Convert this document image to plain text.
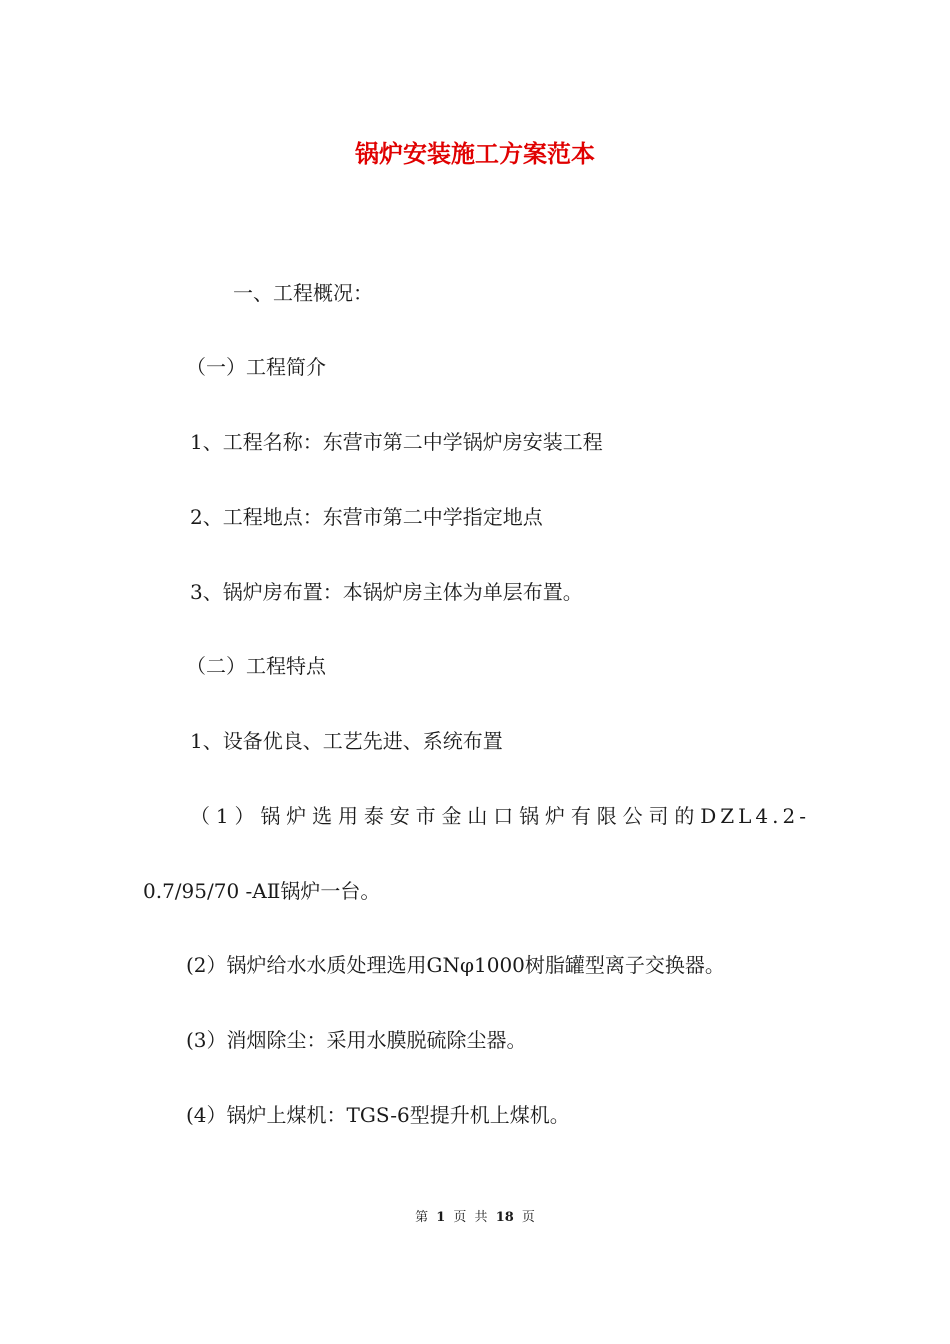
锅炉安装施工方案范本

一、工程概况：

（一）工程简介

1、工程名称：东营市第二中学锅炉房安装工程

2、工程地点：东营市第二中学指定地点

3、锅炉房布置：本锅炉房主体为单层布置。

（二）工程特点

1、设备优良、工艺先进、系统布置

（1）锅炉选用泰安市金山口锅炉有限公司的DZL4.2-

0.7/95/70 -AⅡ锅炉一台。

(2）锅炉给水水质处理选用GNφ1000树脂罐型离子交换器。

(3）消烟除尘：采用水膜脱硫除尘器。

(4）锅炉上煤机：TGS-6型提升机上煤机。

第 1 页 共 18 页
